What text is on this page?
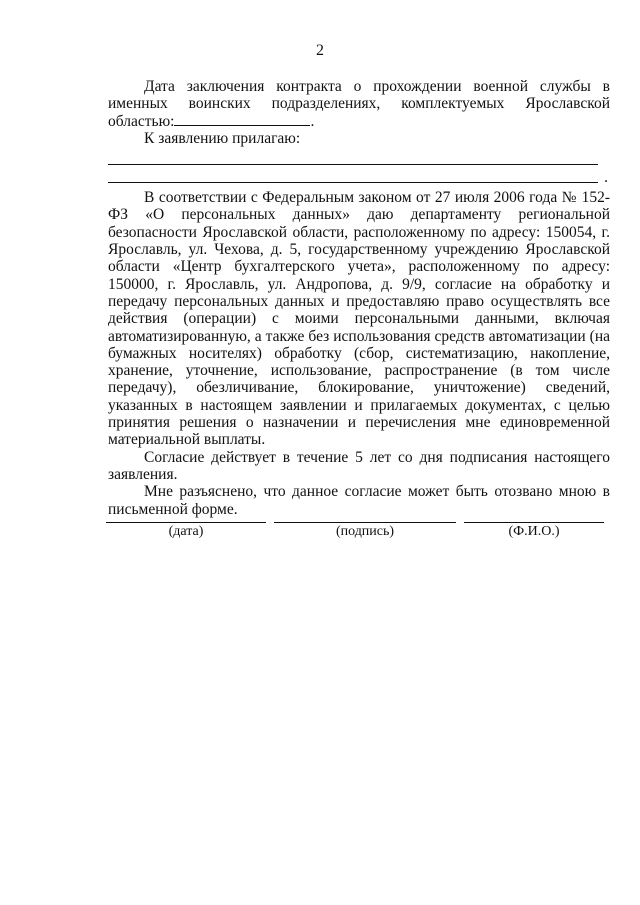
2

Дата заключения контракта о прохождении военной службы в именных воинских подразделениях, комплектуемых Ярославской областью:	.

К заявлению прилагаю:

.

В соответствии с Федеральным законом от 27 июля 2006 года № 152-ФЗ «О персональных данных» даю департаменту региональной безопасности Ярославской области, расположенному по адресу: 150054, г. Ярославль, ул. Чехова, д. 5, государственному учреждению Ярославской области «Центр бухгалтерского учета», расположенному по адресу: 150000, г. Ярославль, ул. Андропова, д. 9/9, согласие на обработку и передачу персональных данных и предоставляю право осуществлять все действия (операции) с моими персональными данными, включая автоматизированную, а также без использования средств автоматизации (на бумажных носителях) обработку (сбор, систематизацию, накопление, хранение, уточнение, использование, распространение (в том числе передачу), обезличивание, блокирование, уничтожение) сведений, указанных в настоящем заявлении и прилагаемых документах, с целью принятия решения о назначении и перечисления мне единовременной материальной выплаты.

Согласие действует в течение 5 лет со дня подписания настоящего заявления.

Мне разъяснено, что данное согласие может быть отозвано мною в письменной форме.

(дата)	(подпись)	(Ф.И.О.)
